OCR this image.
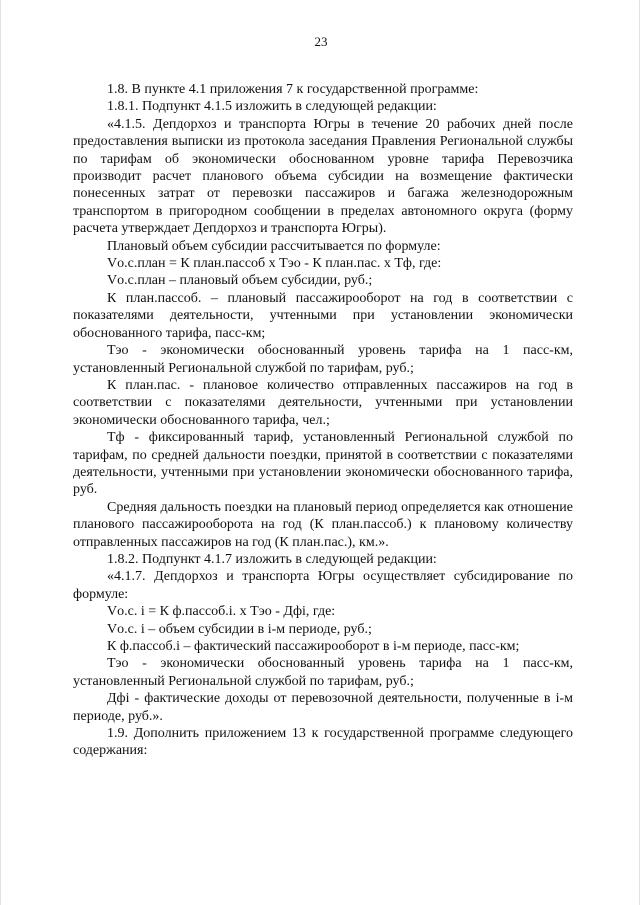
23

1.8. В пункте 4.1 приложения 7 к государственной программе:

1.8.1. Подпункт 4.1.5 изложить в следующей редакции:

«4.1.5. Депдорхоз и транспорта Югры в течение 20 рабочих дней после предоставления выписки из протокола заседания Правления Региональной службы по тарифам об экономически обоснованном уровне тарифа Перевозчика производит расчет планового объема субсидии на возмещение фактически понесенных затрат от перевозки пассажиров и багажа железнодорожным транспортом в пригородном сообщении в пределах автономного округа (форму расчета утверждает Депдорхоз и транспорта Югры).

Плановый объем субсидии рассчитывается по формуле:

Vо.с.план = К план.пассоб х Тэо - К план.пас. х Тф, где:

Vо.с.план – плановый объем субсидии, руб.;

К план.пассоб. – плановый пассажирооборот на год в соответствии с показателями деятельности, учтенными при установлении экономически обоснованного тарифа, пасс-км;

Тэо - экономически обоснованный уровень тарифа на 1 пасс-км, установленный Региональной службой по тарифам, руб.;

К план.пас. - плановое количество отправленных пассажиров на год в соответствии с показателями деятельности, учтенными при установлении экономически обоснованного тарифа, чел.;

Тф - фиксированный тариф, установленный Региональной службой по тарифам, по средней дальности поездки, принятой в соответствии с показателями деятельности, учтенными при установлении экономически обоснованного тарифа, руб.

Средняя дальность поездки на плановый период определяется как отношение планового пассажирооборота на год (К план.пассоб.) к плановому количеству отправленных пассажиров на год (К план.пас.), км.».

1.8.2. Подпункт 4.1.7 изложить в следующей редакции:

«4.1.7. Депдорхоз и транспорта Югры осуществляет субсидирование по формуле:

Vо.с. i = К ф.пассоб.i. х Тэо - Дфi, где:

Vо.с. i – объем субсидии в i-м периоде, руб.;

К ф.пассоб.i – фактический пассажирооборот в i-м периоде, пасс-км;

Тэо - экономически обоснованный уровень тарифа на 1 пасс-км, установленный Региональной службой по тарифам, руб.;

Дфi - фактические доходы от перевозочной деятельности, полученные в i-м периоде, руб.».

1.9. Дополнить приложением 13 к государственной программе следующего содержания:
